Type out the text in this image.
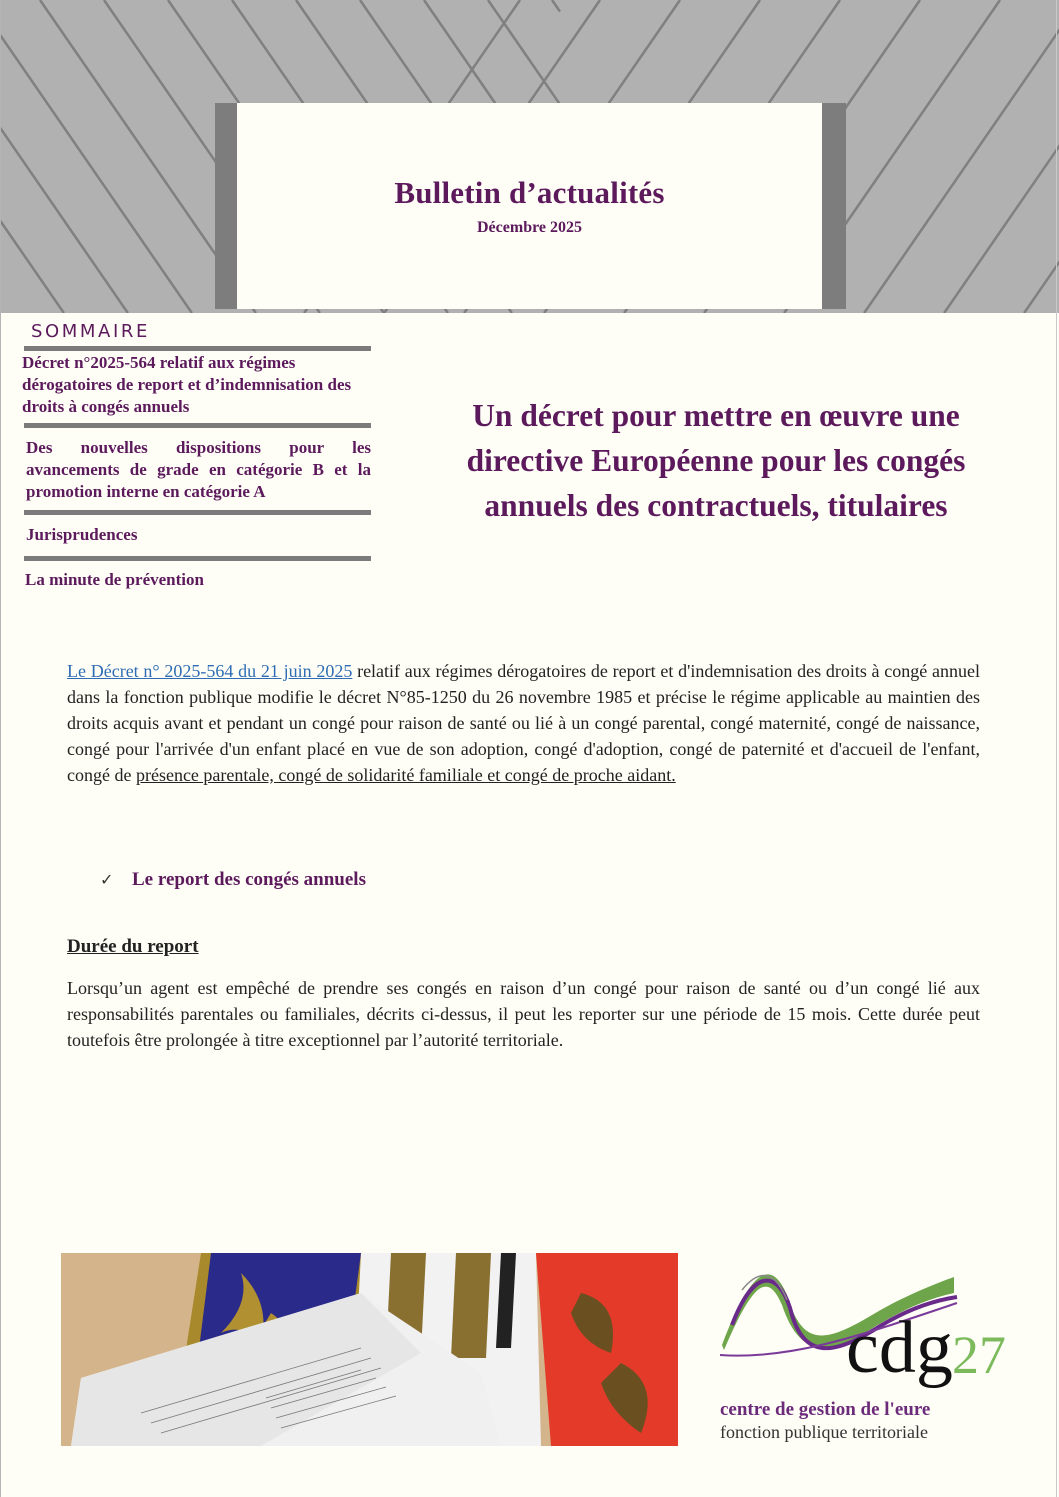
Bulletin d’actualités
Décembre 2025
SOMMAIRE
Décret n°2025-564 relatif aux régimes dérogatoires de report et d’indemnisation des droits à congés annuels
Des nouvelles dispositions pour les avancements de grade en catégorie B et la promotion interne en catégorie A
Jurisprudences
La minute de prévention
Un décret pour mettre en œuvre une directive Européenne pour les congés annuels des contractuels, titulaires
Le Décret n° 2025-564 du 21 juin 2025 relatif aux régimes dérogatoires de report et d'indemnisation des droits à congé annuel dans la fonction publique modifie le décret N°85-1250 du 26 novembre 1985 et précise le régime applicable au maintien des droits acquis avant et pendant un congé pour raison de santé ou lié à un congé parental, congé maternité, congé de naissance, congé pour l'arrivée d'un enfant placé en vue de son adoption, congé d'adoption, congé de paternité et d'accueil de l'enfant, congé de présence parentale, congé de solidarité familiale et congé de proche aidant.
✓ Le report des congés annuels
Durée du report
Lorsqu’un agent est empêché de prendre ses congés en raison d’un congé pour raison de santé ou d’un congé lié aux responsabilités parentales ou familiales, décrits ci-dessus, il peut les reporter sur une période de 15 mois. Cette durée peut toutefois être prolongée à titre exceptionnel par l’autorité territoriale.
cdg 27
centre de gestion de l'eure
fonction publique territoriale
